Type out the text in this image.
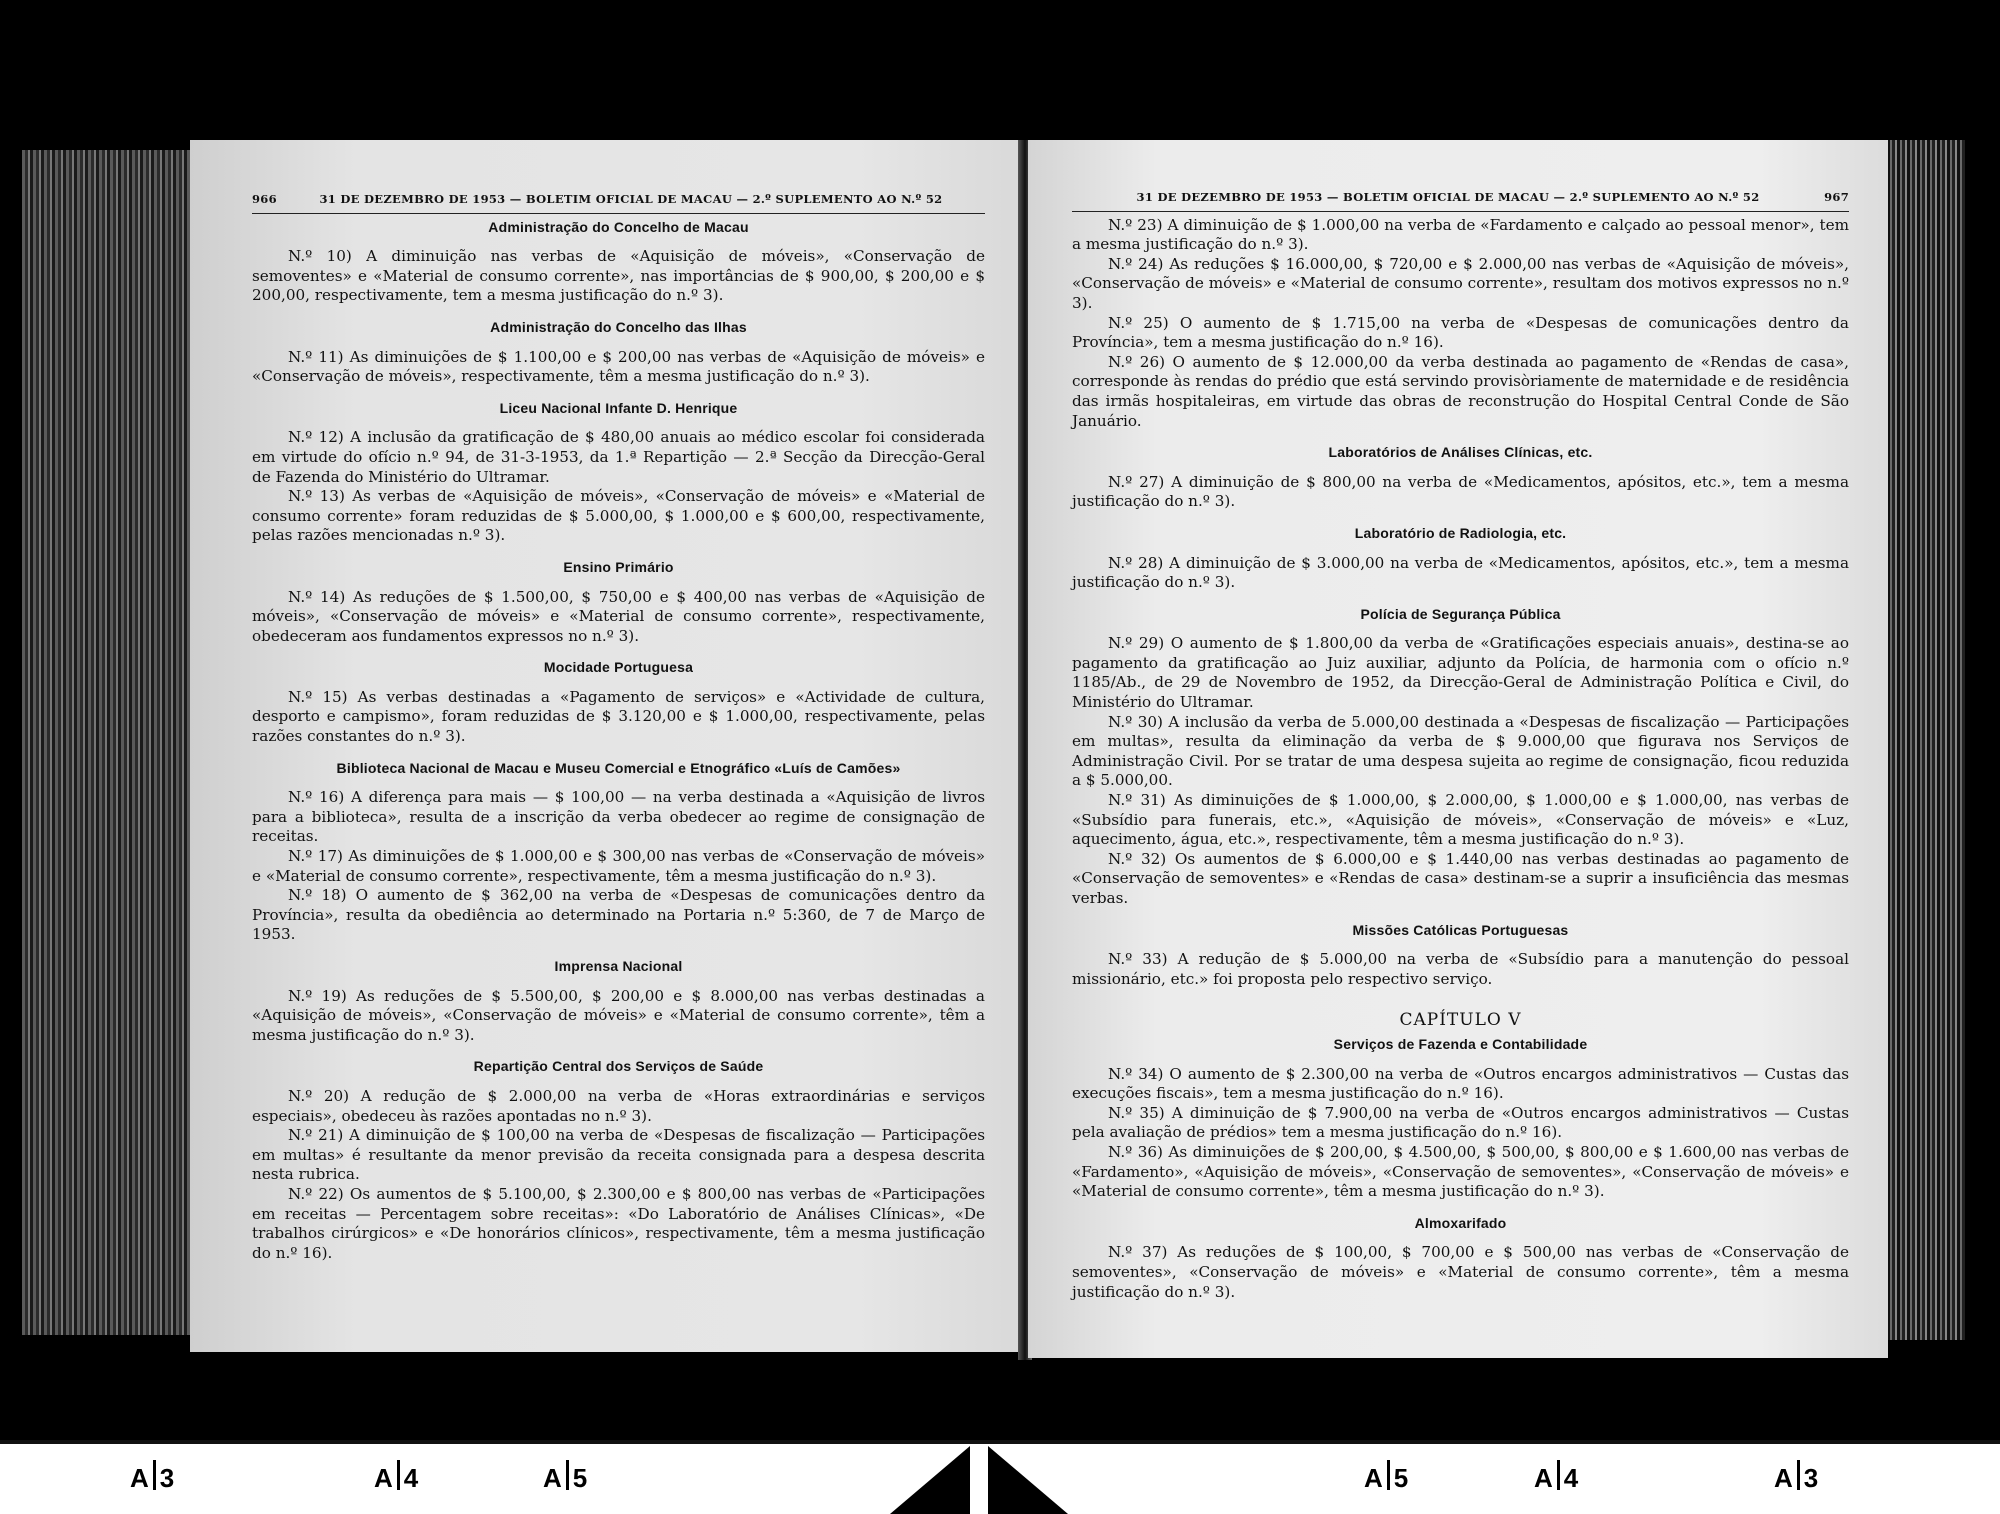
966	31 DE DEZEMBRO DE 1953 — BOLETIM OFICIAL DE MACAU — 2.º SUPLEMENTO AO N.º 52
Administração do Concelho de Macau

N.º 10) A diminuição nas verbas de «Aquisição de móveis», «Conservação de semoventes» e «Material de consumo corrente», nas importâncias de $ 900,00, $ 200,00 e $ 200,00, respectivamente, tem a mesma justificação do n.º 3).

Administração do Concelho das Ilhas

N.º 11) As diminuições de $ 1.100,00 e $ 200,00 nas verbas de «Aquisição de móveis» e «Conservação de móveis», respectivamente, têm a mesma justificação do n.º 3).

Liceu Nacional Infante D. Henrique

N.º 12) A inclusão da gratificação de $ 480,00 anuais ao médico escolar foi considerada em virtude do ofício n.º 94, de 31-3-1953, da 1.ª Repartição — 2.ª Secção da Direcção-Geral de Fazenda do Ministério do Ultramar.

N.º 13) As verbas de «Aquisição de móveis», «Conservação de móveis» e «Material de consumo corrente» foram reduzidas de $ 5.000,00, $ 1.000,00 e $ 600,00, respectivamente, pelas razões mencionadas n.º 3).

Ensino Primário

N.º 14) As reduções de $ 1.500,00, $ 750,00 e $ 400,00 nas verbas de «Aquisição de móveis», «Conservação de móveis» e «Material de consumo corrente», respectivamente, obedeceram aos fundamentos expressos no n.º 3).

Mocidade Portuguesa

N.º 15) As verbas destinadas a «Pagamento de serviços» e «Actividade de cultura, desporto e campismo», foram reduzidas de $ 3.120,00 e $ 1.000,00, respectivamente, pelas razões constantes do n.º 3).

Biblioteca Nacional de Macau e Museu Comercial e Etnográfico «Luís de Camões»

N.º 16) A diferença para mais — $ 100,00 — na verba destinada a «Aquisição de livros para a biblioteca», resulta de a inscrição da verba obedecer ao regime de consignação de receitas.

N.º 17) As diminuições de $ 1.000,00 e $ 300,00 nas verbas de «Conservação de móveis» e «Material de consumo corrente», respectivamente, têm a mesma justificação do n.º 3).

N.º 18) O aumento de $ 362,00 na verba de «Despesas de comunicações dentro da Província», resulta da obediência ao determinado na Portaria n.º 5:360, de 7 de Março de 1953.

Imprensa Nacional

N.º 19) As reduções de $ 5.500,00, $ 200,00 e $ 8.000,00 nas verbas destinadas a «Aquisição de móveis», «Conservação de móveis» e «Material de consumo corrente», têm a mesma justificação do n.º 3).

Repartição Central dos Serviços de Saúde

N.º 20) A redução de $ 2.000,00 na verba de «Horas extraordinárias e serviços especiais», obedeceu às razões apontadas no n.º 3).

N.º 21) A diminuição de $ 100,00 na verba de «Despesas de fiscalização — Participações em multas» é resultante da menor previsão da receita consignada para a despesa descrita nesta rubrica.

N.º 22) Os aumentos de $ 5.100,00, $ 2.300,00 e $ 800,00 nas verbas de «Participações em receitas — Percentagem sobre receitas»: «Do Laboratório de Análises Clínicas», «De trabalhos cirúrgicos» e «De honorários clínicos», respectivamente, têm a mesma justificação do n.º 16).

31 DE DEZEMBRO DE 1953 — BOLETIM OFICIAL DE MACAU — 2.º SUPLEMENTO AO N.º 52	967

N.º 23) A diminuição de $ 1.000,00 na verba de «Fardamento e calçado ao pessoal menor», tem a mesma justificação do n.º 3).

N.º 24) As reduções $ 16.000,00, $ 720,00 e $ 2.000,00 nas verbas de «Aquisição de móveis», «Conservação de móveis» e «Material de consumo corrente», resultam dos motivos expressos no n.º 3).

N.º 25) O aumento de $ 1.715,00 na verba de «Despesas de comunicações dentro da Província», tem a mesma justificação do n.º 16).

N.º 26) O aumento de $ 12.000,00 da verba destinada ao pagamento de «Rendas de casa», corresponde às rendas do prédio que está servindo provisòriamente de maternidade e de residência das irmãs hospitaleiras, em virtude das obras de reconstrução do Hospital Central Conde de São Januário.

Laboratórios de Análises Clínicas, etc.

N.º 27) A diminuição de $ 800,00 na verba de «Medicamentos, apósitos, etc.», tem a mesma justificação do n.º 3).

Laboratório de Radiologia, etc.

N.º 28) A diminuição de $ 3.000,00 na verba de «Medicamentos, apósitos, etc.», tem a mesma justificação do n.º 3).

Polícia de Segurança Pública

N.º 29) O aumento de $ 1.800,00 da verba de «Gratificações especiais anuais», destina-se ao pagamento da gratificação ao Juiz auxiliar, adjunto da Polícia, de harmonia com o ofício n.º 1185/Ab., de 29 de Novembro de 1952, da Direcção-Geral de Administração Política e Civil, do Ministério do Ultramar.

N.º 30) A inclusão da verba de 5.000,00 destinada a «Despesas de fiscalização — Participações em multas», resulta da eliminação da verba de $ 9.000,00 que figurava nos Serviços de Administração Civil. Por se tratar de uma despesa sujeita ao regime de consignação, ficou reduzida a $ 5.000,00.

N.º 31) As diminuições de $ 1.000,00, $ 2.000,00, $ 1.000,00 e $ 1.000,00, nas verbas de «Subsídio para funerais, etc.», «Aquisição de móveis», «Conservação de móveis» e «Luz, aquecimento, água, etc.», respectivamente, têm a mesma justificação do n.º 3).

N.º 32) Os aumentos de $ 6.000,00 e $ 1.440,00 nas verbas destinadas ao pagamento de «Conservação de semoventes» e «Rendas de casa» destinam-se a suprir a insuficiência das mesmas verbas.

Missões Católicas Portuguesas

N.º 33) A redução de $ 5.000,00 na verba de «Subsídio para a manutenção do pessoal missionário, etc.» foi proposta pelo respectivo serviço.

CAPÍTULO V
Serviços de Fazenda e Contabilidade

N.º 34) O aumento de $ 2.300,00 na verba de «Outros encargos administrativos — Custas das execuções fiscais», tem a mesma justificação do n.º 16).

N.º 35) A diminuição de $ 7.900,00 na verba de «Outros encargos administrativos — Custas pela avaliação de prédios» tem a mesma justificação do n.º 16).

N.º 36) As diminuições de $ 200,00, $ 4.500,00, $ 500,00, $ 800,00 e $ 1.600,00 nas verbas de «Fardamento», «Aquisição de móveis», «Conservação de semoventes», «Conservação de móveis» e «Material de consumo corrente», têm a mesma justificação do n.º 3).

Almoxarifado

N.º 37) As reduções de $ 100,00, $ 700,00 e $ 500,00 nas verbas de «Conservação de semoventes», «Conservação de móveis» e «Material de consumo corrente», têm a mesma justificação do n.º 3).

A 3	A 4	A 5	A 5	A 4	A 3
